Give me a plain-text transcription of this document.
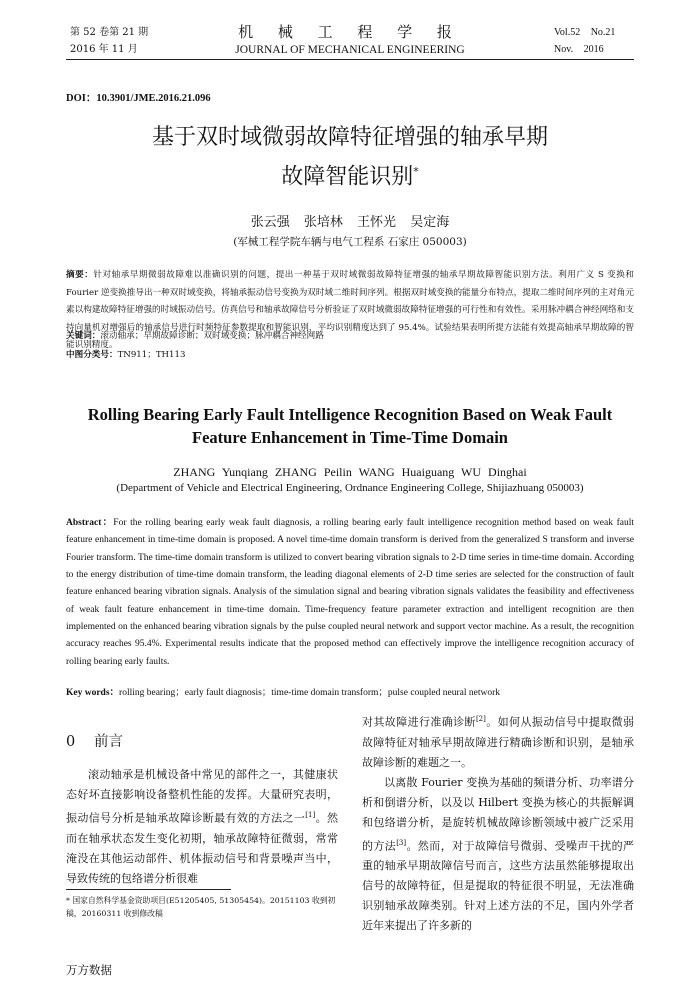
第 52 卷第 21 期
2016 年 11 月
机 械 工 程 学 报
JOURNAL OF MECHANICAL ENGINEERING
Vol.52 No.21
Nov. 2016
DOI：10.3901/JME.2016.21.096
基于双时域微弱故障特征增强的轴承早期
故障智能识别*
张云强 张培林 王怀光 吴定海
(军械工程学院车辆与电气工程系 石家庄 050003)
摘要：针对轴承早期微弱故障难以准确识别的问题，提出一种基于双时域微弱故障特征增强的轴承早期故障智能识别方法。利用广义 S 变换和 Fourier 逆变换推导出一种双时域变换，将轴承振动信号变换为双时域二维时间序列。根据双时域变换的能量分布特点，提取二维时间序列的主对角元素以构建故障特征增强的时域振动信号。仿真信号和轴承故障信号分析验证了双时域微弱故障特征增强的可行性和有效性。采用脉冲耦合神经网络和支持向量机对增强后的轴承信号进行时频特征参数提取和智能识别，平均识别精度达到了 95.4%。试验结果表明所提方法能有效提高轴承早期故障的智能识别精度。
关键词：滚动轴承；早期故障诊断；双时域变换；脉冲耦合神经网路
中图分类号：TN911；TH113
Rolling Bearing Early Fault Intelligence Recognition Based on Weak Fault
Feature Enhancement in Time-Time Domain
ZHANG Yunqiang ZHANG Peilin WANG Huaiguang WU Dinghai
(Department of Vehicle and Electrical Engineering, Ordnance Engineering College, Shijiazhuang 050003)
Abstract：For the rolling bearing early weak fault diagnosis, a rolling bearing early fault intelligence recognition method based on weak fault feature enhancement in time-time domain is proposed. A novel time-time domain transform is derived from the generalized S transform and inverse Fourier transform. The time-time domain transform is utilized to convert bearing vibration signals to 2-D time series in time-time domain. According to the energy distribution of time-time domain transform, the leading diagonal elements of 2-D time series are selected for the construction of fault feature enhanced bearing vibration signals. Analysis of the simulation signal and bearing vibration signals validates the feasibility and effectiveness of weak fault feature enhancement in time-time domain. Time-frequency feature parameter extraction and intelligent recognition are then implemented on the enhanced bearing vibration signals by the pulse coupled neural network and support vector machine. As a result, the recognition accuracy reaches 95.4%. Experimental results indicate that the proposed method can effectively improve the intelligence recognition accuracy of rolling bearing early faults.
Key words：rolling bearing；early fault diagnosis；time-time domain transform；pulse coupled neural network
0 前言

滚动轴承是机械设备中常见的部件之一，其健康状态好坏直接影响设备整机性能的发挥。大量研究表明，振动信号分析是轴承故障诊断最有效的方法之一[1]。然而在轴承状态发生变化初期，轴承故障特征微弱，常常淹没在其他运动部件、机体振动信号和背景噪声当中，导致传统的包络谱分析很难

对其故障进行准确诊断[2]。如何从振动信号中提取微弱故障特征对轴承早期故障进行精确诊断和识别，是轴承故障诊断的难题之一。

以离散 Fourier 变换为基础的频谱分析、功率谱分析和倒谱分析，以及以 Hilbert 变换为核心的共振解调和包络谱分析，是旋转机械故障诊断领域中被广泛采用的方法[3]。然而，对于故障信号微弱、受噪声干扰的严重的轴承早期故障信号而言，这些方法虽然能够提取出信号的故障特征，但是提取的特征很不明显，无法准确识别轴承故障类别。针对上述方法的不足，国内外学者近年来提出了许多新的

* 国家自然科学基金资助项目(E51205405, 51305454)。20151103 收到初稿，20160311 收到修改稿
万方数据
